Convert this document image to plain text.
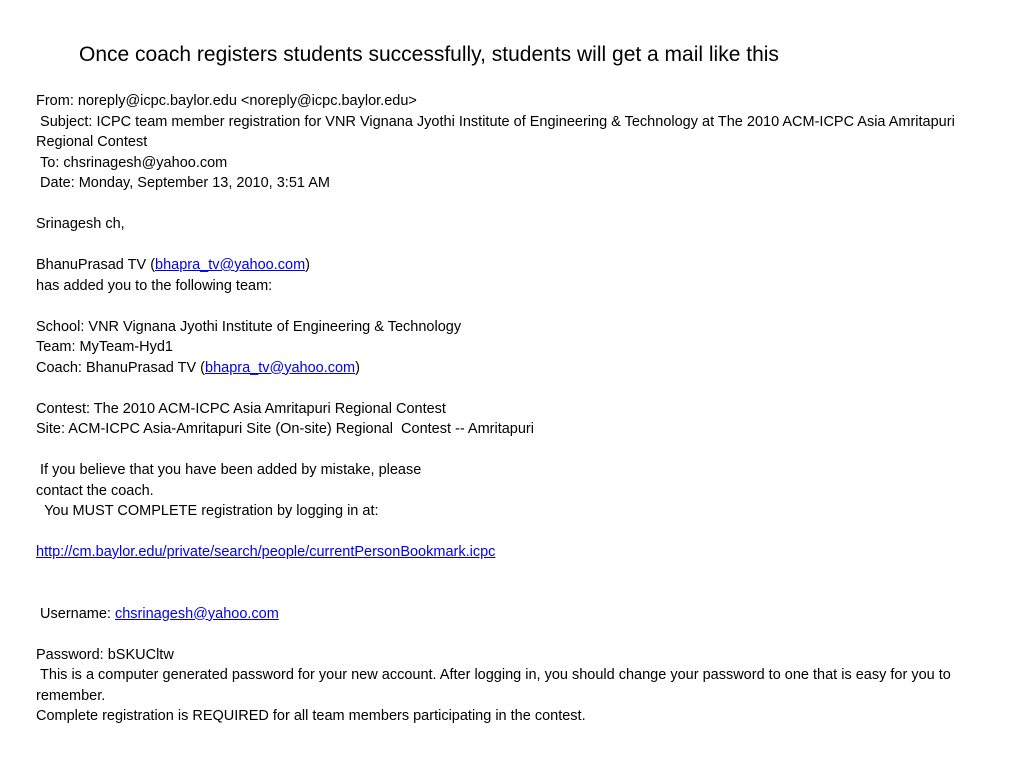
Once coach registers students successfully, students will get a mail like this
From: noreply@icpc.baylor.edu <noreply@icpc.baylor.edu>
Subject: ICPC team member registration for VNR Vignana Jyothi Institute of Engineering & Technology at The 2010 ACM-ICPC Asia Amritapuri Regional Contest
To: chsrinagesh@yahoo.com
Date: Monday, September 13, 2010, 3:51 AM
Srinagesh ch,
BhanuPrasad TV (bhapra_tv@yahoo.com)
has added you to the following team:
School: VNR Vignana Jyothi Institute of Engineering & Technology
Team: MyTeam-Hyd1
Coach: BhanuPrasad TV (bhapra_tv@yahoo.com)
Contest: The 2010 ACM-ICPC Asia Amritapuri Regional Contest
Site: ACM-ICPC Asia-Amritapuri Site (On-site) Regional  Contest -- Amritapuri
If you believe that you have been added by mistake, please
contact the coach.
You MUST COMPLETE registration by logging in at:
http://cm.baylor.edu/private/search/people/currentPersonBookmark.icpc
Username: chsrinagesh@yahoo.com
Password: bSKUCltw
This is a computer generated password for your new account. After logging in, you should change your password to one that is easy for you to remember.
Complete registration is REQUIRED for all team members participating in the contest.
